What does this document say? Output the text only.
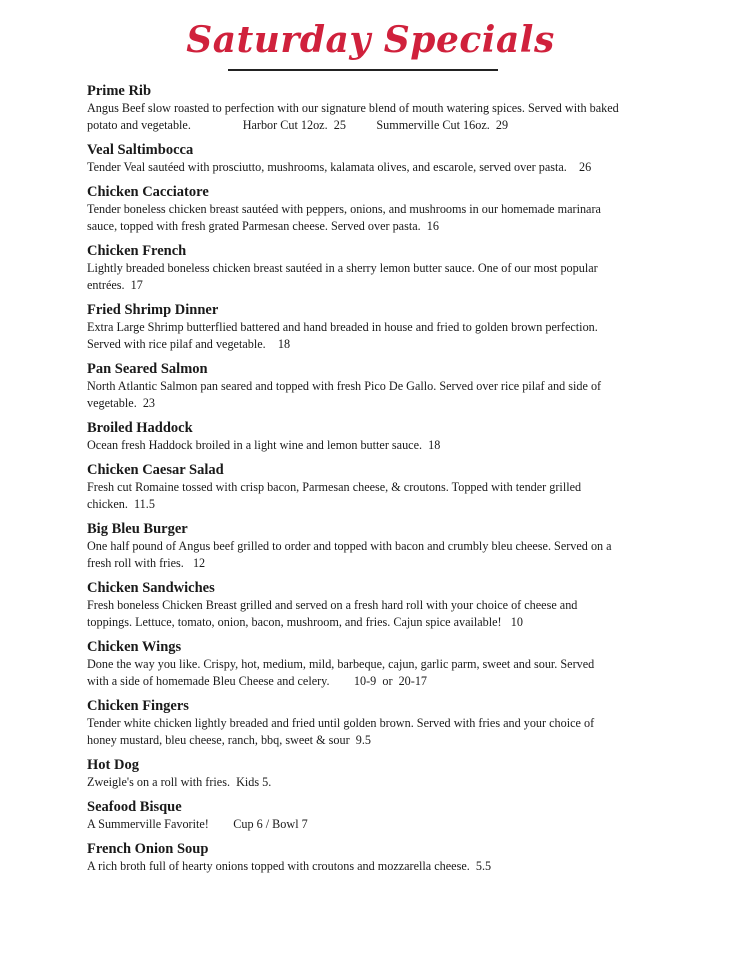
Saturday Specials

Prime Rib

Angus Beef slow roasted to perfection with our signature blend of mouth watering spices. Served with baked

potato and vegetable.                 Harbor Cut 12oz.  25          Summerville Cut 16oz.  29

Veal Saltimbocca

Tender Veal sautéed with prosciutto, mushrooms, kalamata olives, and escarole, served over pasta.    26

Chicken Cacciatore

Tender boneless chicken breast sautéed with peppers, onions, and mushrooms in our homemade marinara

sauce, topped with fresh grated Parmesan cheese. Served over pasta.  16

Chicken French

Lightly breaded boneless chicken breast sautéed in a sherry lemon butter sauce. One of our most popular

entrées.  17

Fried Shrimp Dinner

Extra Large Shrimp butterflied battered and hand breaded in house and fried to golden brown perfection.

Served with rice pilaf and vegetable.    18

Pan Seared Salmon

North Atlantic Salmon pan seared and topped with fresh Pico De Gallo. Served over rice pilaf and side of

vegetable.  23

Broiled Haddock

Ocean fresh Haddock broiled in a light wine and lemon butter sauce.  18

Chicken Caesar Salad

Fresh cut Romaine tossed with crisp bacon, Parmesan cheese, & croutons. Topped with tender grilled

chicken.  11.5

Big Bleu Burger

One half pound of Angus beef grilled to order and topped with bacon and crumbly bleu cheese. Served on a

fresh roll with fries.   12

Chicken Sandwiches

Fresh boneless Chicken Breast grilled and served on a fresh hard roll with your choice of cheese and

toppings. Lettuce, tomato, onion, bacon, mushroom, and fries. Cajun spice available!   10

Chicken Wings

Done the way you like. Crispy, hot, medium, mild, barbeque, cajun, garlic parm, sweet and sour. Served

with a side of homemade Bleu Cheese and celery.        10-9  or  20-17

Chicken Fingers

Tender white chicken lightly breaded and fried until golden brown. Served with fries and your choice of

honey mustard, bleu cheese, ranch, bbq, sweet & sour  9.5

Hot Dog

Zweigle's on a roll with fries.  Kids 5.

Seafood Bisque

A Summerville Favorite!        Cup 6 / Bowl 7

French Onion Soup

A rich broth full of hearty onions topped with croutons and mozzarella cheese.  5.5
